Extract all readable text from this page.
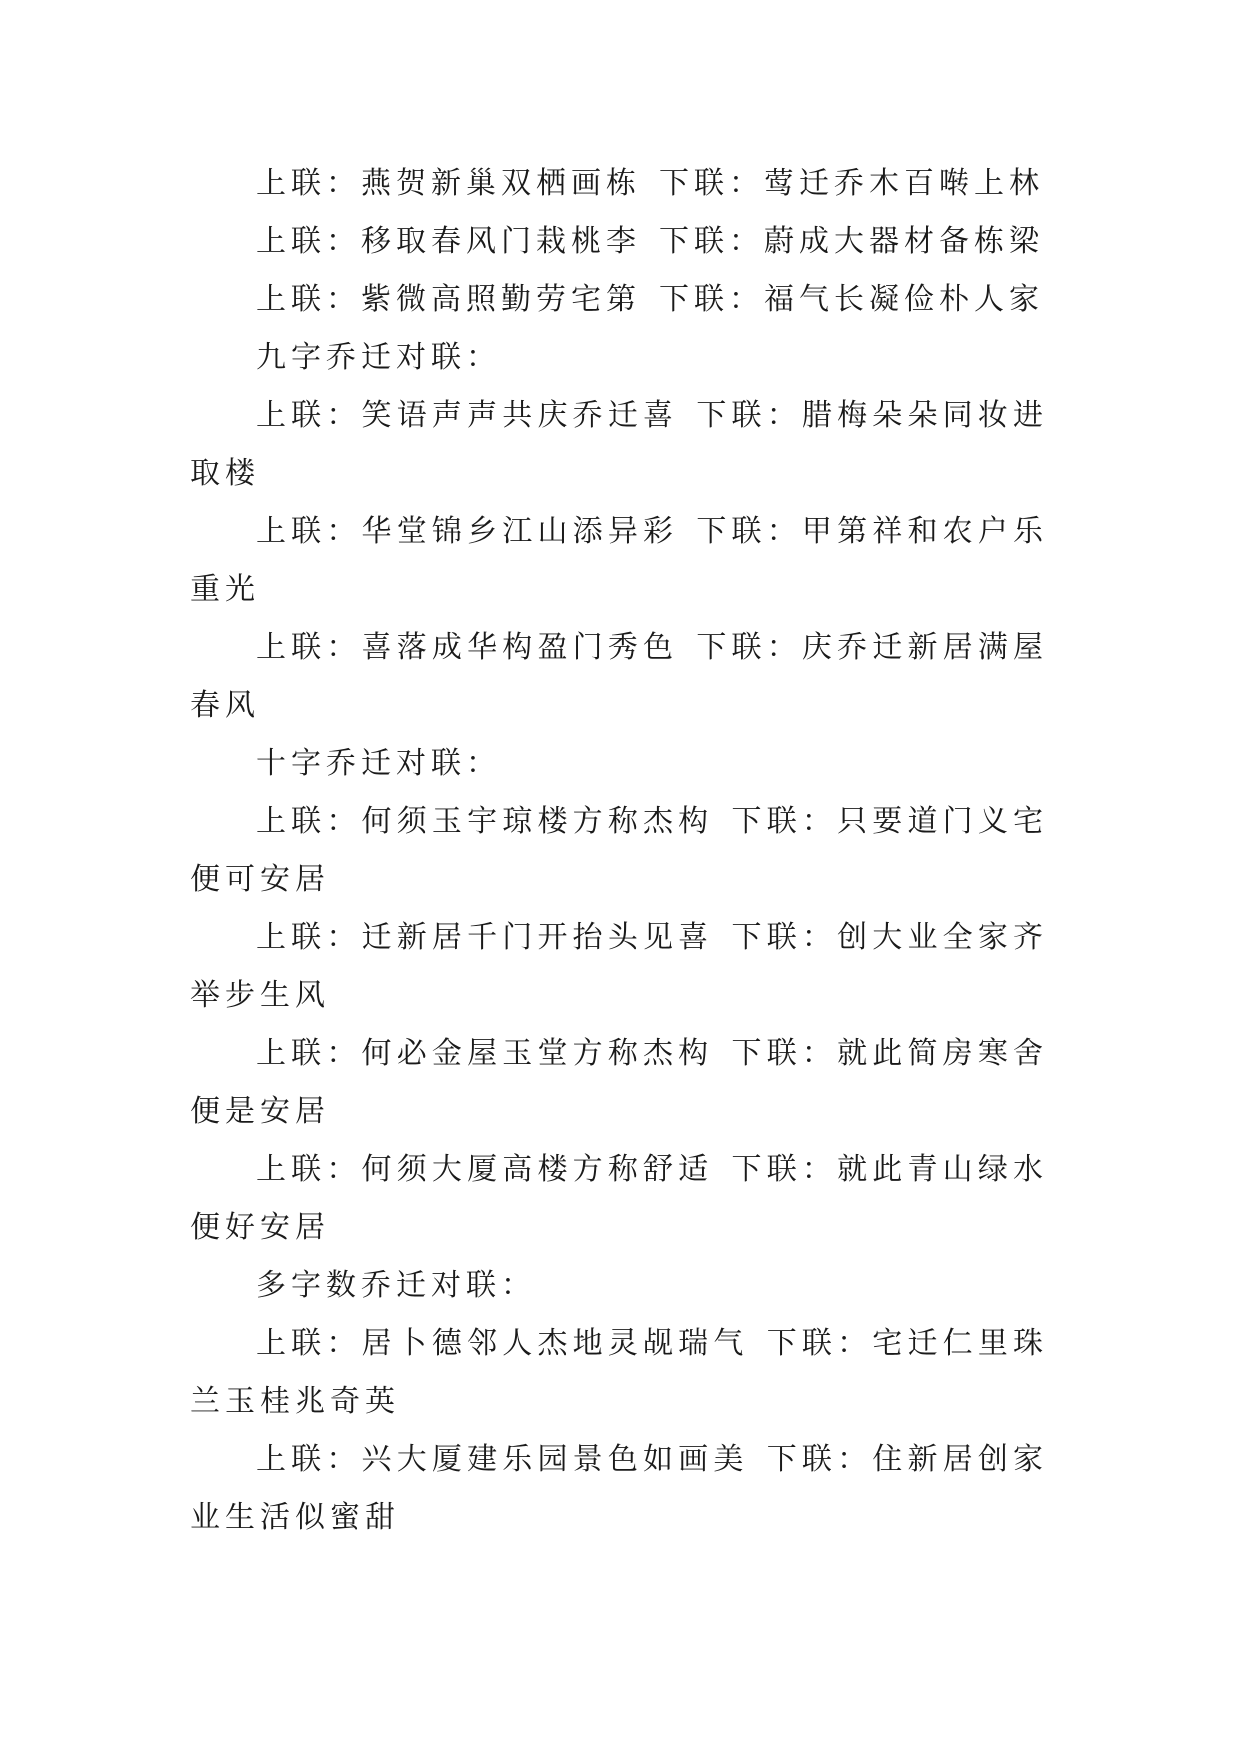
上联：燕贺新巢双栖画栋 下联：莺迁乔木百啭上林

上联：移取春风门栽桃李 下联：蔚成大器材备栋梁

上联：紫微高照勤劳宅第 下联：福气长凝俭朴人家

九字乔迁对联：

上联：笑语声声共庆乔迁喜 下联：腊梅朵朵同妆进取楼

上联：华堂锦乡江山添异彩 下联：甲第祥和农户乐重光

上联：喜落成华构盈门秀色 下联：庆乔迁新居满屋春风

十字乔迁对联：

上联：何须玉宇琼楼方称杰构 下联：只要道门义宅便可安居

上联：迁新居千门开抬头见喜 下联：创大业全家齐举步生风

上联：何必金屋玉堂方称杰构 下联：就此简房寒舍便是安居

上联：何须大厦高楼方称舒适 下联：就此青山绿水便好安居

多字数乔迁对联：

上联：居卜德邻人杰地灵觇瑞气 下联：宅迁仁里珠兰玉桂兆奇英

上联：兴大厦建乐园景色如画美 下联：住新居创家业生活似蜜甜
